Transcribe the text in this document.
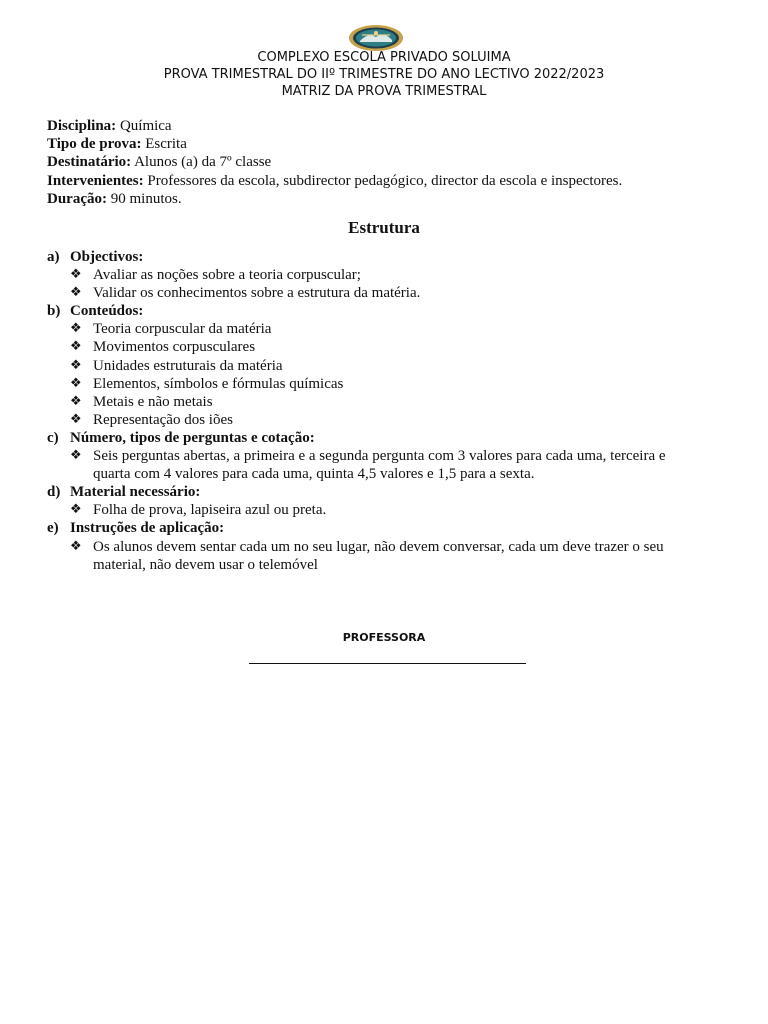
COMPLEXO ESCOLA PRIVADO SOLUIMA
PROVA TRIMESTRAL DO IIº TRIMESTRE DO ANO LECTIVO 2022/2023
MATRIZ DA PROVA TRIMESTRAL
Disciplina: Química
Tipo de prova: Escrita
Destinatário: Alunos (a) da 7º classe
Intervenientes: Professores da escola, subdirector pedagógico, director da escola e inspectores.
Duração: 90 minutos.
Estrutura
a) Objectivos:
❖ Avaliar as noções sobre a teoria corpuscular;
❖ Validar os conhecimentos sobre a estrutura da matéria.
b) Conteúdos:
❖ Teoria corpuscular da matéria
❖ Movimentos corpusculares
❖ Unidades estruturais da matéria
❖ Elementos, símbolos e fórmulas químicas
❖ Metais e não metais
❖ Representação dos iões
c) Número, tipos de perguntas e cotação:
❖ Seis perguntas abertas, a primeira e a segunda pergunta com 3 valores para cada uma, terceira e quarta com 4 valores para cada uma, quinta 4,5 valores e 1,5 para a sexta.
d) Material necessário:
❖ Folha de prova, lapiseira azul ou preta.
e) Instruções de aplicação:
❖ Os alunos devem sentar cada um no seu lugar, não devem conversar, cada um deve trazer o seu material, não devem usar o telemóvel
PROFESSORA
